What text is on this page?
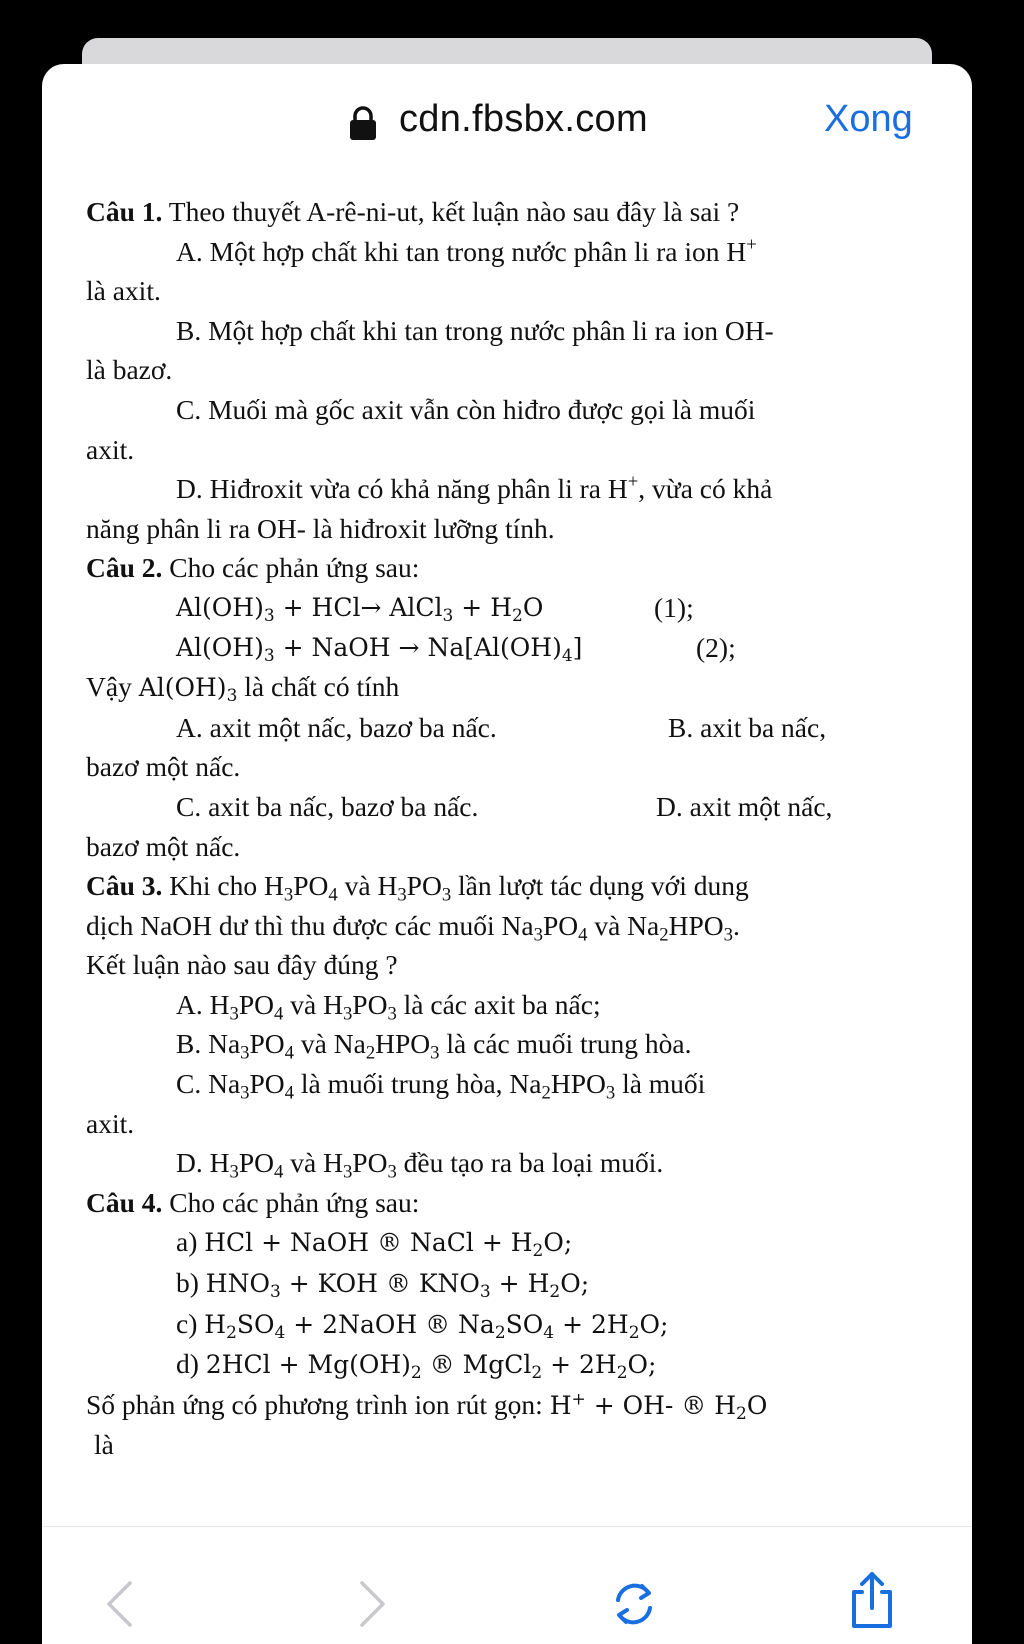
cdn.fbsbx.com	Xong

Câu 1. Theo thuyết A-rê-ni-ut, kết luận nào sau đây là sai ?

A. Một hợp chất khi tan trong nước phân li ra ion H+

là axit.

B. Một hợp chất khi tan trong nước phân li ra ion OH-

là bazơ.

C. Muối mà gốc axit vẫn còn hiđro được gọi là muối

axit.

D. Hiđroxit vừa có khả năng phân li ra H+, vừa có khả

năng phân li ra OH- là hiđroxit lưỡng tính.

Câu 2. Cho các phản ứng sau:

$Al(OH)_3 + HCl\to$ AlCl$_3$ + $H_2O$	(1);

$Al(OH)_3$ + NaOH → $Na[Al(OH)_4]$	(2);

Vậy $Al(OH)_3$ là chất có tính

A. axit một nấc, bazơ ba nấc.	B. axit ba nấc,

bazơ một nấc.

C. axit ba nấc, bazơ ba nấc.	D. axit một nấc,

bazơ một nấc.

Câu 3. Khi cho $H_3PO_4$ và $H_3PO_3$ lần lượt tác dụng với dung

dịch NaOH dư thì thu được các muối $Na_3PO_4$ và $Na_2HPO_3$.

Kết luận nào sau đây đúng ?

A. $H_3PO_4$ và $H_3PO_3$ là các axit ba nấc;

B. $Na_3PO_4$ và $Na_2HPO_3$ là các muối trung hòa.

C. $Na_3PO_4$ là muối trung hòa, $Na_2HPO_3$ là muối

axit.

D. $H_3PO_4$ và $H_3PO_3$ đều tạo ra ba loại muối.

Câu 4. Cho các phản ứng sau:

a) HCl + NaOH ® NaCl + $H_2O$;

b) $HNO_3$ + KOH ® $KNO_3 + H_2O$;

c) $H_2SO_4$ + 2NaOH ® $Na_2SO_4 + 2H_2O$;

d) $2HCl + Mg(OH)_2$ ® MgCl$_2$ + $2H_2O$;

Số phản ứng có phương trình ion rút gọn: H+ + OH- ® $H_2O$

là
